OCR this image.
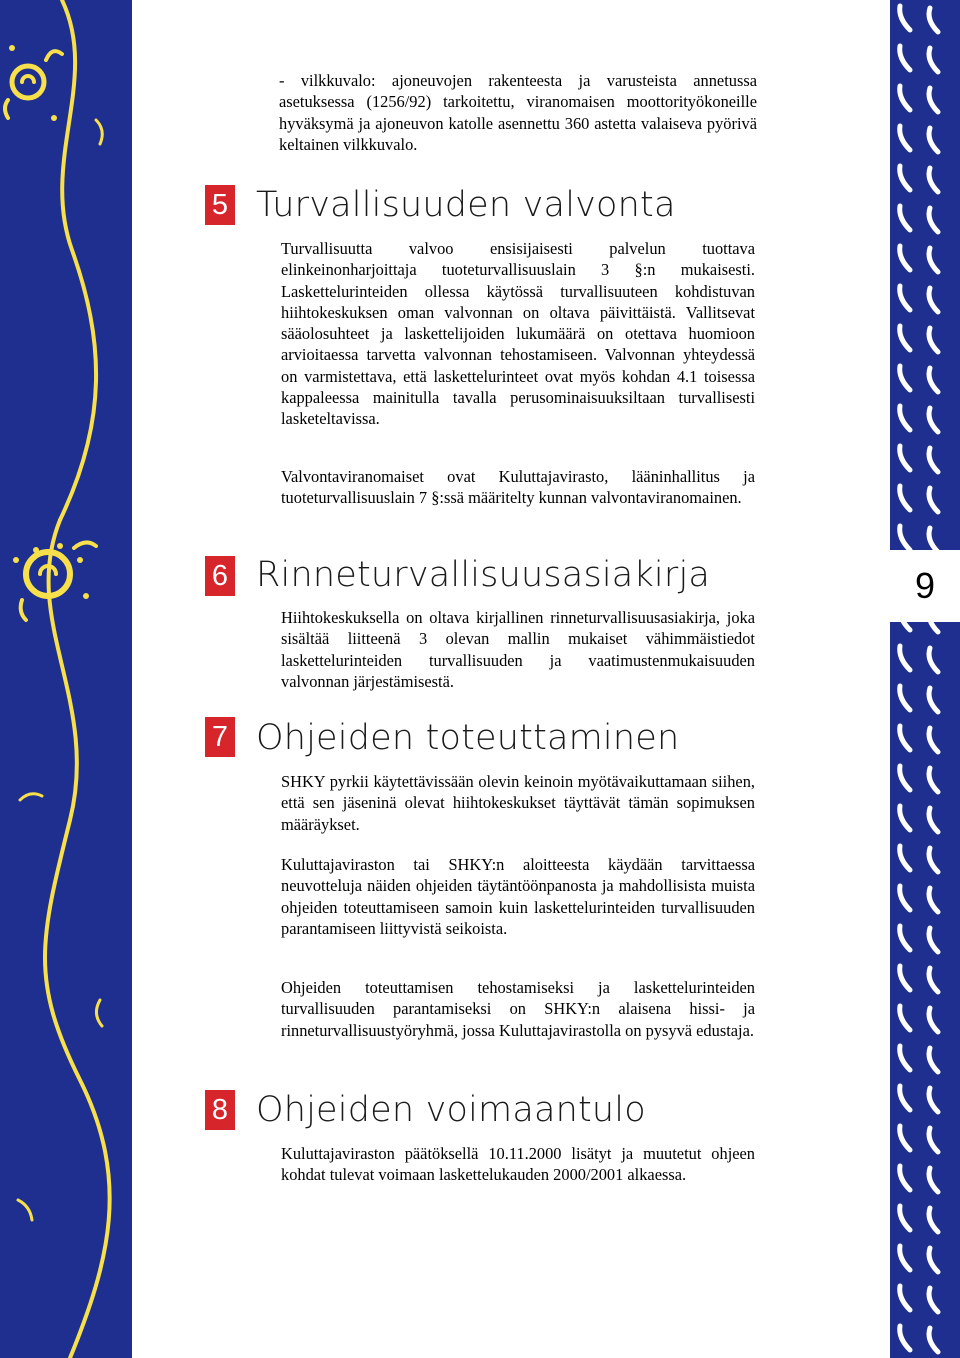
9

- vilkkuvalo: ajoneuvojen rakenteesta ja varusteista annetussa asetuksessa (1256/92) tarkoitettu, viranomaisen moottorityökoneille hyväksymä ja ajoneuvon katolle asennettu 360 astetta valaiseva pyörivä keltainen vilkkuvalo.

5 Turvallisuuden valvonta

Turvallisuutta valvoo ensisijaisesti palvelun tuottava elinkeinonharjoittaja tuoteturvallisuuslain 3 §:n mukaisesti. Laskettelurinteiden ollessa käytössä turvallisuuteen kohdistuvan hiihtokeskuksen oman valvonnan on oltava päivittäistä. Vallitsevat sääolosuhteet ja laskettelijoiden lukumäärä on otettava huomioon arvioitaessa tarvetta valvonnan tehostamiseen. Valvonnan yhteydessä on varmistettava, että laskettelurinteet ovat myös kohdan 4.1 toisessa kappaleessa mainitulla tavalla perusominaisuuksiltaan turvallisesti lasketeltavissa.

Valvontaviranomaiset ovat Kuluttajavirasto, lääninhallitus ja tuoteturvallisuuslain 7 §:ssä määritelty kunnan valvontaviranomainen.

6 Rinneturvallisuusasiakirja

Hiihtokeskuksella on oltava kirjallinen rinneturvallisuusasiakirja, joka sisältää liitteenä 3 olevan mallin mukaiset vähimmäistiedot laskettelurinteiden turvallisuuden ja vaatimustenmukaisuuden valvonnan järjestämisestä.

7 Ohjeiden toteuttaminen

SHKY pyrkii käytettävissään olevin keinoin myötävaikuttamaan siihen, että sen jäseninä olevat hiihtokeskukset täyttävät tämän sopimuksen määräykset.

Kuluttajaviraston tai SHKY:n aloitteesta käydään tarvittaessa neuvotteluja näiden ohjeiden täytäntöönpanosta ja mahdollisista muista ohjeiden toteuttamiseen samoin kuin laskettelurinteiden turvallisuuden parantamiseen liittyvistä seikoista.

Ohjeiden toteuttamisen tehostamiseksi ja laskettelurinteiden turvallisuuden parantamiseksi on SHKY:n alaisena hissi- ja rinneturvallisuustyöryhmä, jossa Kuluttajavirastolla on pysyvä edustaja.

8 Ohjeiden voimaantulo

Kuluttajaviraston päätöksellä 10.11.2000 lisätyt ja muutetut ohjeen kohdat tulevat voimaan laskettelukauden 2000/2001 alkaessa.
